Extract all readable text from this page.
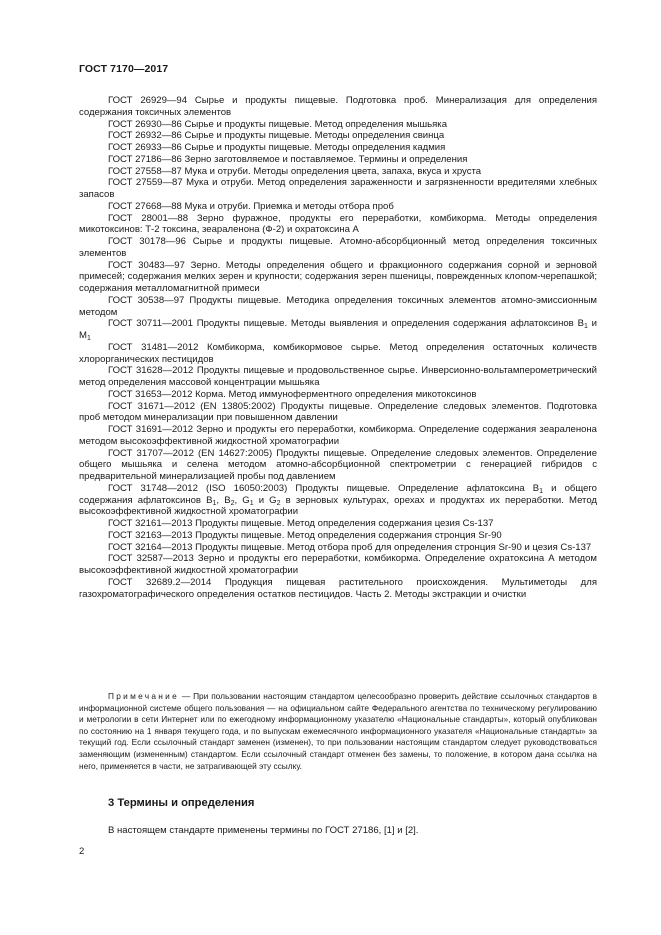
ГОСТ 7170—2017

ГОСТ 26929—94 Сырье и продукты пищевые. Подготовка проб. Минерализация для определения содержания токсичных элементов

ГОСТ 26930—86 Сырье и продукты пищевые. Метод определения мышьяка

ГОСТ 26932—86 Сырье и продукты пищевые. Методы определения свинца

ГОСТ 26933—86 Сырье и продукты пищевые. Методы определения кадмия

ГОСТ 27186—86 Зерно заготовляемое и поставляемое. Термины и определения

ГОСТ 27558—87 Мука и отруби. Методы определения цвета, запаха, вкуса и хруста

ГОСТ 27559—87 Мука и отруби. Метод определения зараженности и загрязненности вредителями хлебных запасов

ГОСТ 27668—88 Мука и отруби. Приемка и методы отбора проб

ГОСТ 28001—88 Зерно фуражное, продукты его переработки, комбикорма. Методы определения микотоксинов: Т-2 токсина, зеараленона (Ф-2) и охратоксина А

ГОСТ 30178—96 Сырье и продукты пищевые. Атомно-абсорбционный метод определения токсичных элементов

ГОСТ 30483—97 Зерно. Методы определения общего и фракционного содержания сорной и зерновой примесей; содержания мелких зерен и крупности; содержания зерен пшеницы, поврежденных клопом-черепашкой; содержания металломагнитной примеси

ГОСТ 30538—97 Продукты пищевые. Методика определения токсичных элементов атомно-эмиссионным методом

ГОСТ 30711—2001 Продукты пищевые. Методы выявления и определения содержания афлатоксинов $В_1$ и $М_1$

ГОСТ 31481—2012 Комбикорма, комбикормовое сырье. Метод определения остаточных количеств хлорорганических пестицидов

ГОСТ 31628—2012 Продукты пищевые и продовольственное сырье. Инверсионно-вольтамперометрический метод определения массовой концентрации мышьяка

ГОСТ 31653—2012 Корма. Метод иммуноферментного определения микотоксинов

ГОСТ 31671—2012 (EN 13805:2002) Продукты пищевые. Определение следовых элементов. Подготовка проб методом минерализации при повышенном давлении

ГОСТ 31691—2012 Зерно и продукты его переработки, комбикорма. Определение содержания зеараленона методом высокоэффективной жидкостной хроматографии

ГОСТ 31707—2012 (EN 14627:2005) Продукты пищевые. Определение следовых элементов. Определение общего мышьяка и селена методом атомно-абсорбционной спектрометрии с генерацией гибридов с предварительной минерализацией пробы под давлением

ГОСТ 31748—2012 (ISO 16050:2003) Продукты пищевые. Определение афлатоксина $В_1$ и общего содержания афлатоксинов $В_1$, $В_2$, $G_1$ и $G_2$ в зерновых культурах, орехах и продуктах их переработки. Метод высокоэффективной жидкостной хроматографии

ГОСТ 32161—2013 Продукты пищевые. Метод определения содержания цезия Cs-137

ГОСТ 32163—2013 Продукты пищевые. Метод определения содержания стронция Sr-90

ГОСТ 32164—2013 Продукты пищевые. Метод отбора проб для определения стронция Sr-90 и цезия Cs-137

ГОСТ 32587—2013 Зерно и продукты его переработки, комбикорма. Определение охратоксина А методом высокоэффективной жидкостной хроматографии

ГОСТ 32689.2—2014 Продукция пищевая растительного происхождения. Мультиметоды для газохроматографического определения остатков пестицидов. Часть 2. Методы экстракции и очистки

Примечание — При пользовании настоящим стандартом целесообразно проверить действие ссылочных стандартов в информационной системе общего пользования — на официальном сайте Федерального агентства по техническому регулированию и метрологии в сети Интернет или по ежегодному информационному указателю «Национальные стандарты», который опубликован по состоянию на 1 января текущего года, и по выпускам ежемесячного информационного указателя «Национальные стандарты» за текущий год. Если ссылочный стандарт заменен (изменен), то при пользовании настоящим стандартом следует руководствоваться заменяющим (измененным) стандартом. Если ссылочный стандарт отменен без замены, то положение, в котором дана ссылка на него, применяется в части, не затрагивающей эту ссылку.

3 Термины и определения
В настоящем стандарте применены термины по ГОСТ 27186, [1] и [2].
2
